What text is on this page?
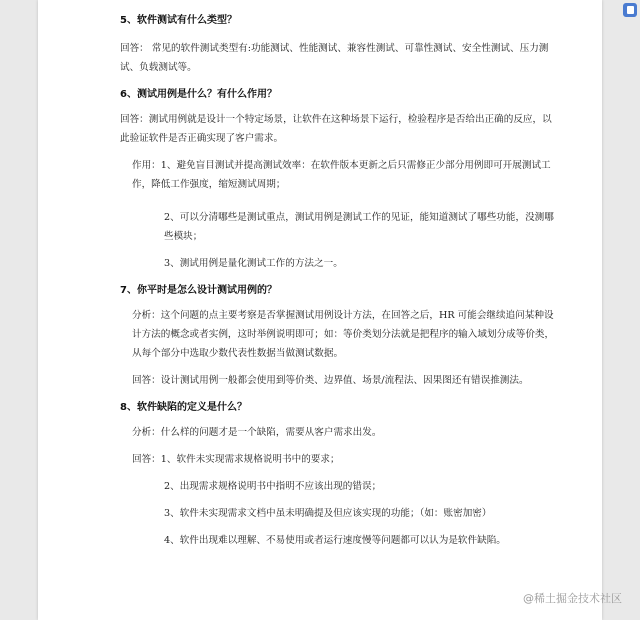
5、软件测试有什么类型？

回答： 常见的软件测试类型有:功能测试、性能测试、兼容性测试、可靠性测试、安全性测试、压力测试、负载测试等。

6、测试用例是什么？有什么作用？

回答：测试用例就是设计一个特定场景，让软件在这种场景下运行，检验程序是否给出正确的反应，以此验证软件是否正确实现了客户需求。

作用：1、避免盲目测试并提高测试效率：在软件版本更新之后只需修正少部分用例即可开展测试工作，降低工作强度，缩短测试周期；

2、可以分清哪些是测试重点，测试用例是测试工作的见证，能知道测试了哪些功能，没测哪些模块；

3、测试用例是量化测试工作的方法之一。

7、你平时是怎么设计测试用例的？

分析：这个问题的点主要考察是否掌握测试用例设计方法，在回答之后，HR 可能会继续追问某种设计方法的概念或者实例，这时举例说明即可；如：等价类划分法就是把程序的输入域划分成等价类，从每个部分中选取少数代表性数据当做测试数据。

回答：设计测试用例一般都会使用到等价类、边界值、场景/流程法、因果图还有错误推测法。

8、软件缺陷的定义是什么？

分析：什么样的问题才是一个缺陷，需要从客户需求出发。

回答：1、软件未实现需求规格说明书中的要求；

2、出现需求规格说明书中指明不应该出现的错误；

3、软件未实现需求文档中虽未明确提及但应该实现的功能；（如：账密加密）

4、软件出现难以理解、不易使用或者运行速度慢等问题都可以认为是软件缺陷。

@稀土掘金技术社区
